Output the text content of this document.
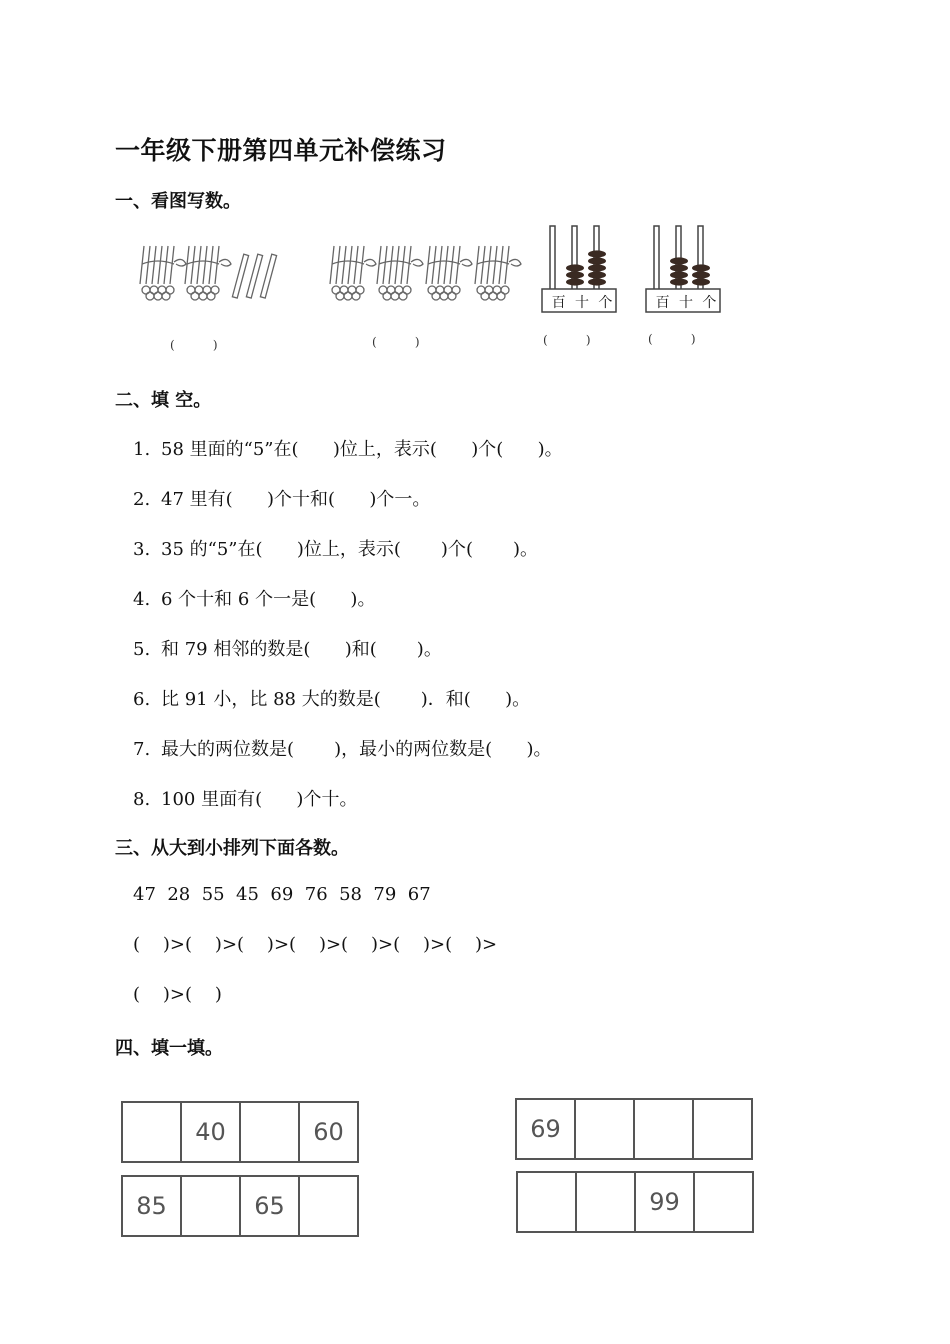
一年级下册第四单元补偿练习
一、看图写数。
(          )	(          )
百 十 个
(          )
百 十 个
(          )
二、填 空。
1. 58 里面的“5”在(      )位上，表示(      )个(      )。
2. 47 里有(      )个十和(      )个一。
3. 35 的“5”在(      )位上，表示(       )个(       )。
4. 6 个十和 6 个一是(      )。
5. 和 79 相邻的数是(      )和(       )。
6. 比 91 小，比 88 大的数是(       )．和(      )。
7. 最大的两位数是(       )，最小的两位数是(      )。
8. 100 里面有(      )个十。
三、从大到小排列下面各数。
47  28  55  45  69  76  58  79  67
(    )>(    )>(    )>(    )>(    )>(    )>(    )>
(    )>(    )
四、填一填。
	40		60
85		65	
69			
		99	
